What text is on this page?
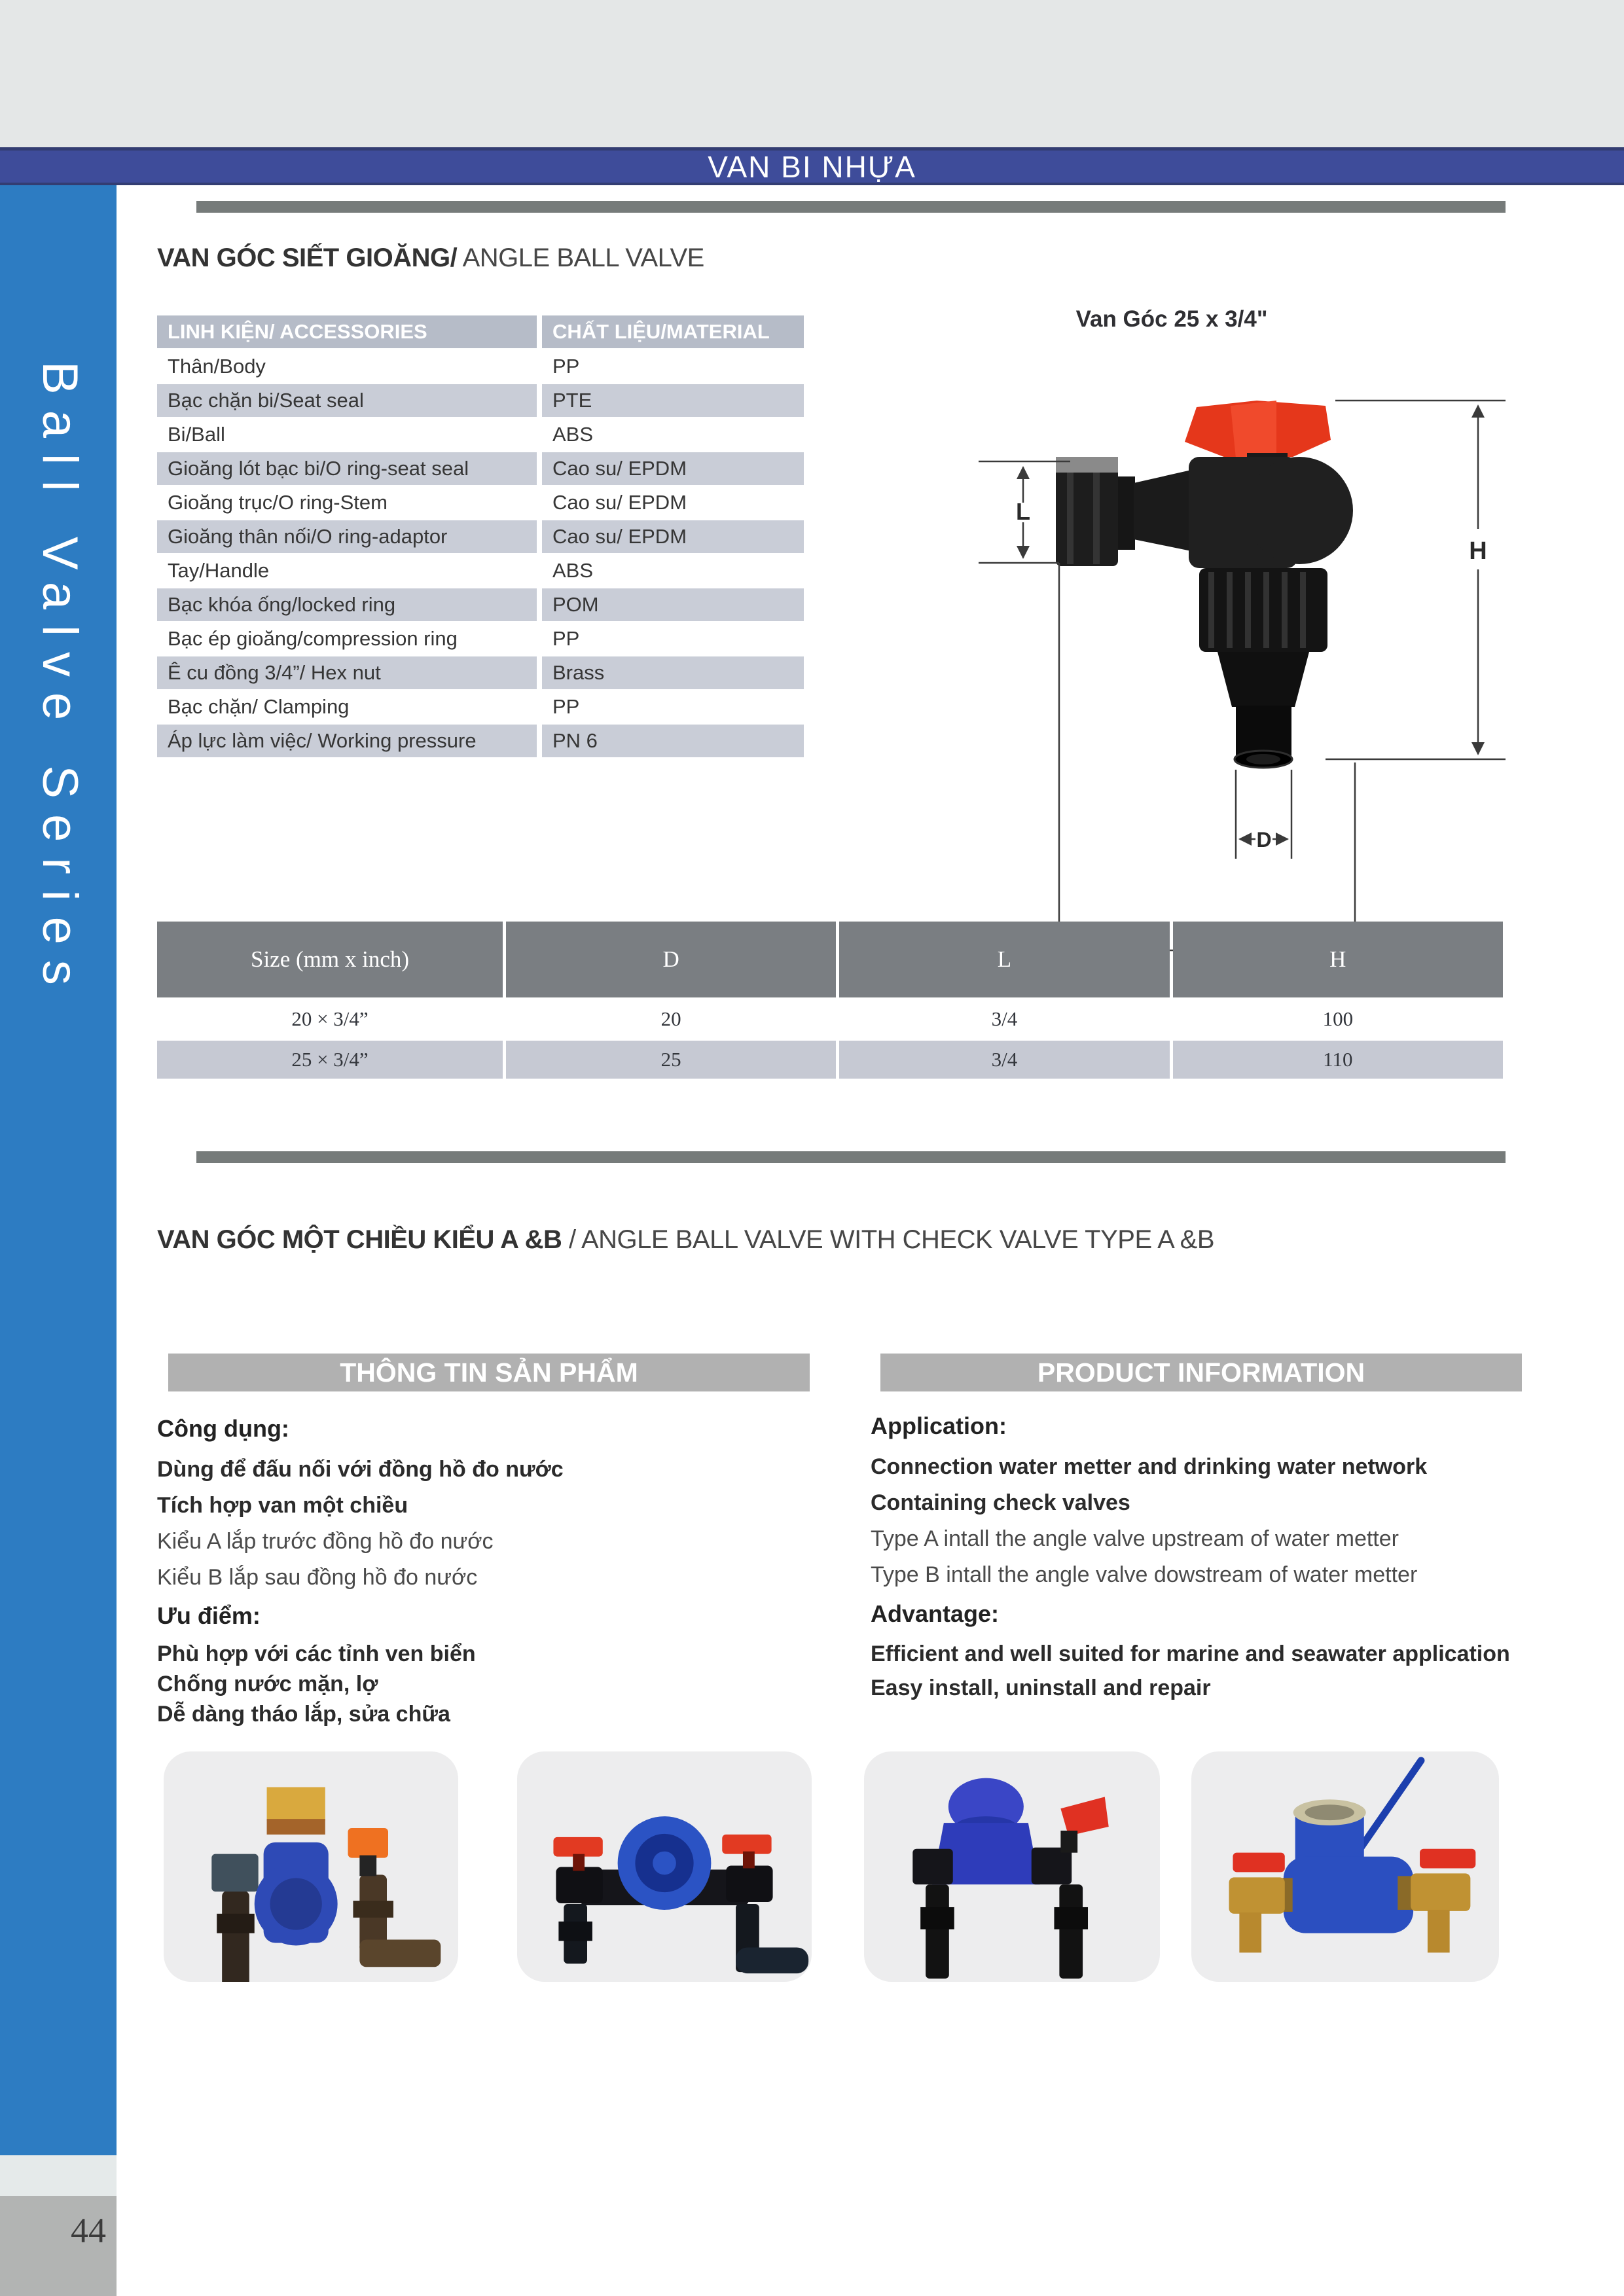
VAN BI NHỰA
Ball Valve Series
44
VAN GÓC SIẾT GIOĂNG/ ANGLE BALL VALVE
LINH KIỆN/ ACCESSORIES	CHẤT LIỆU/MATERIAL
Thân/Body	PP
Bạc chặn bi/Seat seal	PTE
Bi/Ball	ABS
Gioăng lót bạc bi/O ring-seat seal	Cao su/ EPDM
Gioăng trục/O ring-Stem	Cao su/ EPDM
Gioăng thân nối/O ring-adaptor	Cao su/ EPDM
Tay/Handle	ABS
Bạc khóa ống/locked ring	POM
Bạc ép gioăng/compression ring	PP
Ê cu đồng 3/4”/ Hex nut	Brass
Bạc chặn/ Clamping	PP
Áp lực làm việc/ Working pressure	PN 6
Van Góc 25 x 3/4"
L
H
D
Size (mm x inch)	D	L	H
20 × 3/4”	20	3/4	100
25 × 3/4”	25	3/4	110
VAN GÓC MỘT CHIỀU KIỂU A &B / ANGLE BALL VALVE WITH CHECK VALVE TYPE A &B
THÔNG TIN SẢN PHẨM	PRODUCT INFORMATION
Công dụng:
Dùng để đấu nối với đồng hồ đo nước
Tích hợp van một chiều
Kiểu A lắp trước đồng hồ đo nước
Kiểu B lắp sau đồng hồ đo nước
Ưu điểm:
Phù hợp với các tỉnh ven biển
Chống nước mặn, lợ
Dễ dàng tháo lắp, sửa chữa
Application:
Connection water metter and drinking water network
Containing check valves
Type A intall the angle valve upstream of water metter
Type B intall the angle valve dowstream of water metter
Advantage:
Efficient and well suited for marine and seawater application
Easy install, uninstall and repair
